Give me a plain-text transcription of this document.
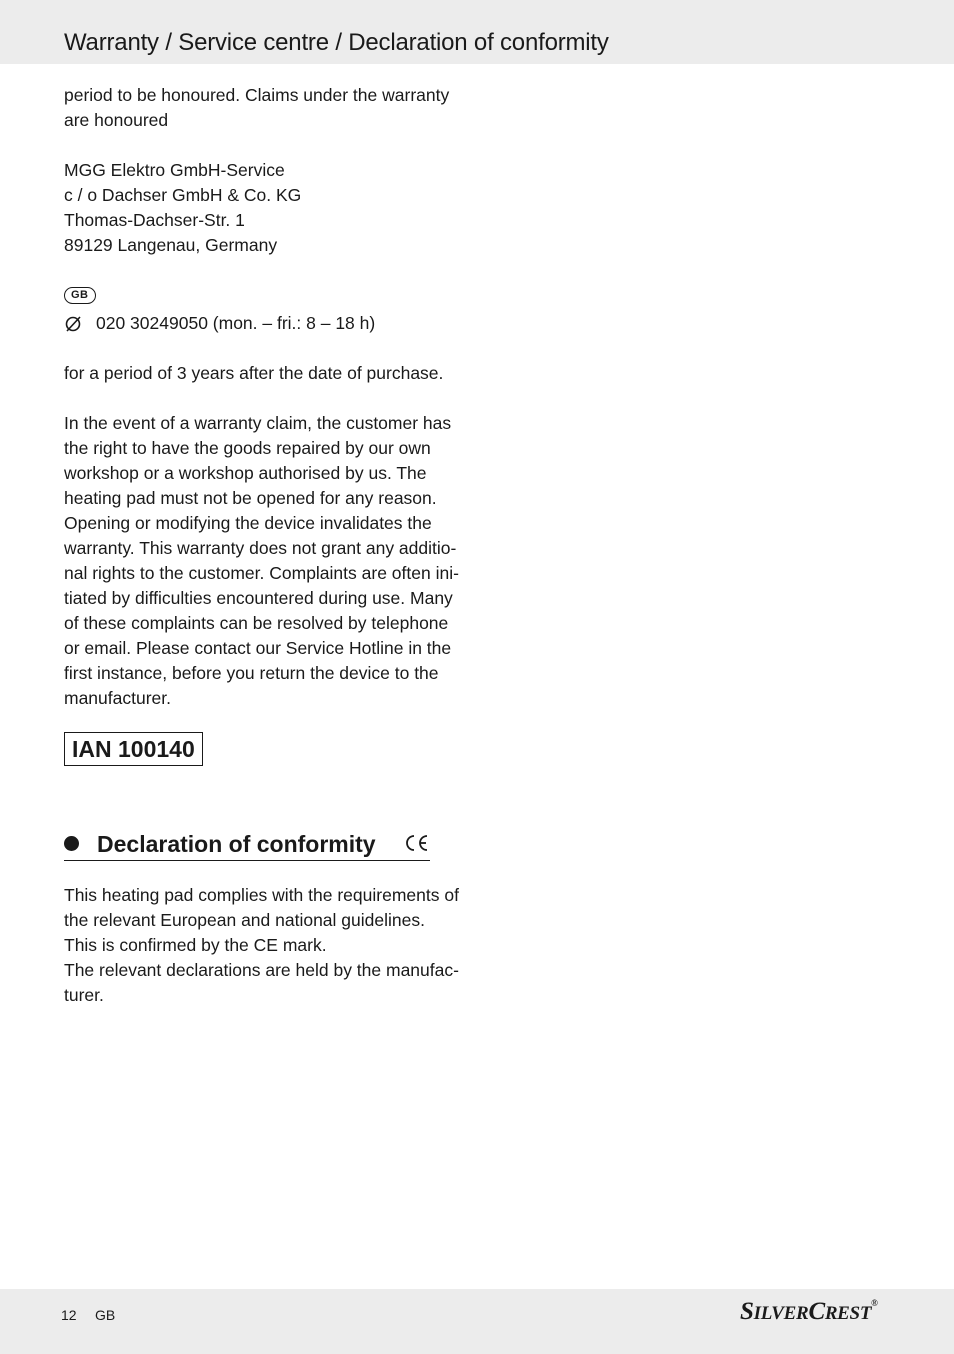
Warranty / Service centre / Declaration of conformity
period to be honoured. Claims under the warranty
are honoured
MGG Elektro GmbH-Service
c / o Dachser GmbH & Co. KG
Thomas-Dachser-Str. 1
89129 Langenau, Germany
GB
020 30249050 (mon. – fri.: 8 – 18 h)
for a period of 3 years after the date of purchase.
In the event of a warranty claim, the customer has
the right to have the goods repaired by our own
workshop or a workshop authorised by us. The
heating pad must not be opened for any reason.
Opening or modifying the device invalidates the
warranty. This warranty does not grant any additio-
nal rights to the customer. Complaints are often ini-
tiated by difficulties encountered during use. Many
of these complaints can be resolved by telephone
or email. Please contact our Service Hotline in the
first instance, before you return the device to the
manufacturer.
IAN 100140
Declaration of conformity
This heating pad complies with the requirements of
the relevant European and national guidelines.
This is confirmed by the CE mark.
The relevant declarations are held by the manufac-
turer.
12 GB	SILVERCREST®
